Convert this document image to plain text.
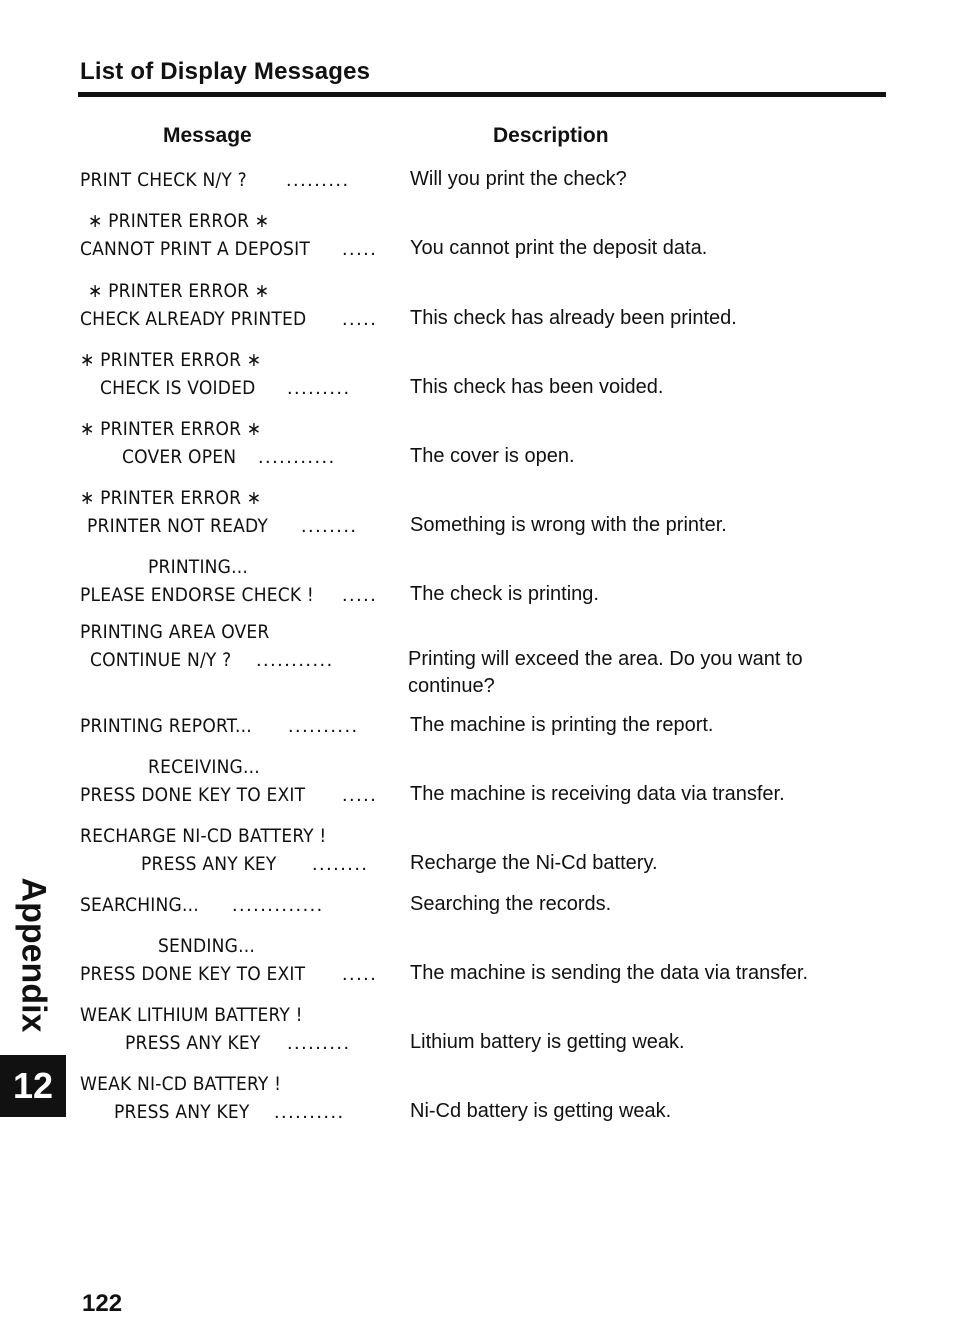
List of Display Messages
Message	Description
PRINT CHECK N/Y ? .........	Will you print the check?
∗ PRINTER ERROR ∗
CANNOT PRINT A DEPOSIT ..... You cannot print the deposit data.
∗ PRINTER ERROR ∗
CHECK ALREADY PRINTED ..... This check has already been printed.
∗ PRINTER ERROR ∗
CHECK IS VOIDED .........	This check has been voided.
∗ PRINTER ERROR ∗
COVER OPEN ...........	The cover is open.
∗ PRINTER ERROR ∗
PRINTER NOT READY ........	Something is wrong with the printer.
PRINTING...
PLEASE ENDORSE CHECK ! ..... The check is printing.
PRINTING AREA OVER
CONTINUE N/Y ? ...........	Printing will exceed the area. Do you want to
continue?
PRINTING REPORT... ..........	The machine is printing the report.
RECEIVING...
PRESS DONE KEY TO EXIT ..... The machine is receiving data via transfer.
RECHARGE NI-CD BATTERY !
PRESS ANY KEY ........ Recharge the Ni-Cd battery.
SEARCHING... .............	Searching the records.
SENDING...
PRESS DONE KEY TO EXIT ..... The machine is sending the data via transfer.
WEAK LITHIUM BATTERY !
PRESS ANY KEY .........	Lithium battery is getting weak.
WEAK NI-CD BATTERY !
PRESS ANY KEY ..........	Ni-Cd battery is getting weak.
Appendix
12
122
